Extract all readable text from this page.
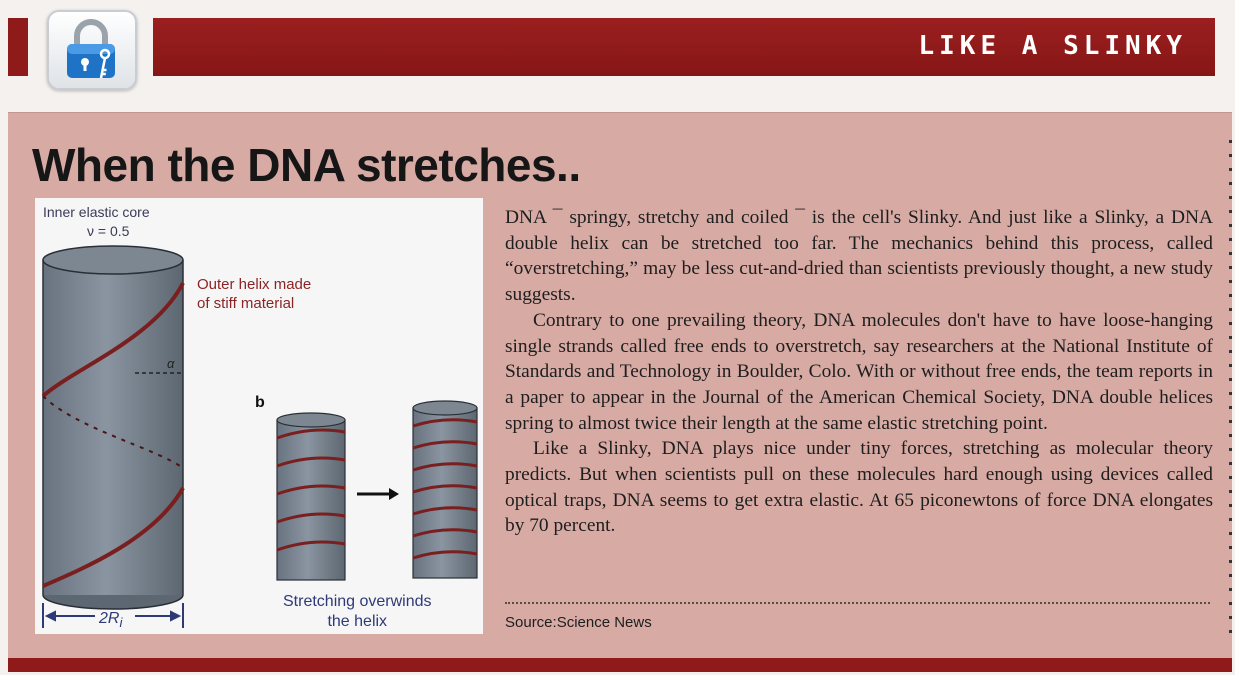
LIKE A SLINKY
When the DNA stretches..
Inner elastic core
ν = 0.5
Outer helix made
of stiff material
α
b
Stretching overwinds
the helix
$2R_i$

DNA ¯ springy, stretchy and coiled ¯ is the cell's Slinky. And just like a Slinky, a DNA double helix can be stretched too far. The mechanics behind this process, called “overstretching,” may be less cut-and-dried than scientists previously thought, a new study suggests.

Contrary to one prevailing theory, DNA molecules don't have to have loose-hanging single strands called free ends to overstretch, say researchers at the National Institute of Standards and Technology in Boulder, Colo. With or without free ends, the team reports in a paper to appear in the Journal of the American Chemical Society, DNA double helices spring to almost twice their length at the same elastic stretching point.

Like a Slinky, DNA plays nice under tiny forces, stretching as molecular theory predicts. But when scientists pull on these molecules hard enough using devices called optical traps, DNA seems to get extra elastic. At 65 piconewtons of force DNA elongates by 70 percent.

Source:Science News
